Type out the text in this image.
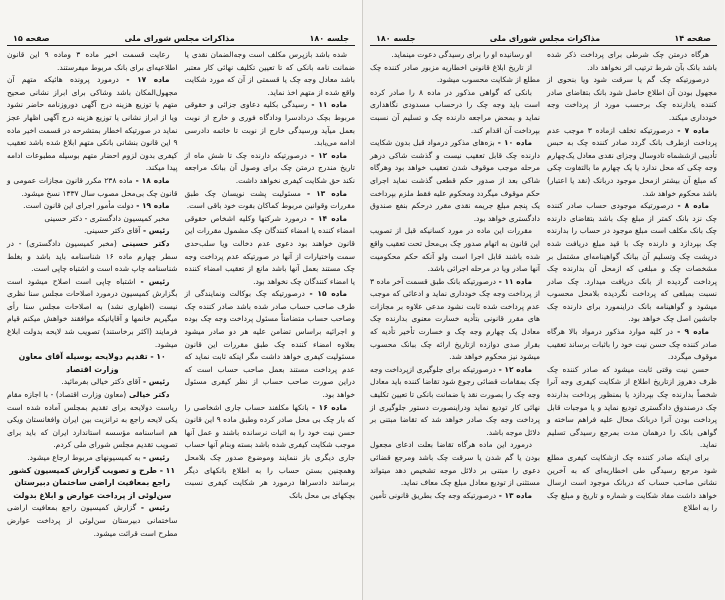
جلسه ۱۸۰
مذاکرات مجلس شورای ملی
صفحه ۱۵

شده باشد بازپرس مکلف است وجه‌الضمان نقدی یا ضمانت نامه بانکی که تا تعیین تکلیف نهائی کار معتبر باشد معادل وجه چک یا قسمتی از آن که مورد شکایت واقع شده از متهم اخذ نماید.

ماده ۱۱ - رسیدگی بکلیه دعاوی جزائی و حقوقی مربوط بچک دردادسرا ودادگاه فوری و خارج از نوبت بعمل میآید ورسیدگی خارج از نوبت تا خاتمه دادرسی ادامه می‌یابد.

ماده ۱۲ - درصورتیکه دارنده چک تا شش ماه از تاریخ مندرج درمتن چک برای وصول آن ببانک مراجعه نکند حق شکایت کیفری نخواهد داشت.

ماده ۱۳ - مسئولیت پشت نویسان چک طبق مقررات وقوانین مربوط کماکان بقوت خود باقی است.

ماده ۱۴ - درمورد شرکتها وکلیه اشخاص حقوقی امضاء کننده یا امضاء کنندگان چک مشمول مقررات این قانون خواهند بود دعوی عدم دخالت ویا سلب‌حدی سمت واختیارات از آنها در صورتیکه عدم پرداخت وجه چک مستند بعمل آنها باشد مانع از تعقیب امضاء کننده یا امضاء کنندگان چک نخواهد بود.

ماده ۱۵ - درصورتیکه چک بوکالت ونمایندگی از طرف صاحب حساب صادر شده باشد صادر کننده چک وصاحب حساب متضامناً مسئول پرداخت وجه چک بوده و اجرائیه براساس تضامن علیه هر دو صادر میشود بعلاوه امضاء کننده چک طبق مقررات این قانون مسئولیت کیفری خواهد داشت مگر اینکه ثابت نماید که عدم پرداخت مستند بعمل صاحب حساب است که دراین صورت صاحب حساب از نظر کیفری مسئول خواهد بود.

ماده ۱۶ - بانکها مکلفند حساب جاری اشخاصی را که بار چک بی محل صادر کرده وطبق ماده ۹ این قانون حسن نیت خود را به اثبات نرسانده باشند و عمل آنها موجب شکایت کیفری شده باشد بسته وبنام آنها حساب جاری دیگری باز ننمایند وموضوع صدور چک بلامحل وهمچنین بستن حساب را به اطلاع بانکهای دیگر برسانند دادسراها درمورد هر شکایت کیفری نسبت بچکهای بی محل بانک

رعایت قسمت اخیر ماده ۳ وماده ۹ این قانون اطلاعیه‌ای برای بانک مربوط میفرستند.

ماده ۱۷ - درمورد پرونده هائیکه متهم آن مجهول‌المکان باشد وشاکی برای ابراز نشانی صحیح متهم یا توزیع هزینه درج آگهی دوروزنامه حاضر نشود ویا از ابراز نشانی یا توزیع هزینه درج آگهی اظهار عجز نماید در صورتیکه اخطار بمتشرحه در قسمت اخیر ماده ۹ این قانون بنشانی بانکی متهم ابلاغ شده باشد تعقیب کیفری بدون لزوم احضار متهم بوسیله مطبوعات ادامه پیدا میکند.

ماده ۱۸ - ماده ۲۳۸ مکرر قانون مجازات عمومی و قانون چک بی‌محل مصوب سال ۱۳۳۷ نسخ میشود.

ماده ۱۹ - دولت مأمور اجرای این قانون است.

مخبر کمیسیون دادگستری - دکتر حسینی

رئیس - آقای دکتر حسینی.

دکتر حسینی (مخبر کمیسیون دادگستری) - در سطر چهارم ماده ۱۶ شناسنامه باید باشد و بغلط شناسنامه چاپ شده است و اشتباه چاپی است.

رئیس - اشتباه چاپی است اصلاح میشود است بگزارش کمیسیون درمورد اصلاحات مجلس سنا نظری نیست (اظهاری نشد) به اصلاحات مجلس سنا رأی میگیریم خانمها و آقایانیکه موافقند خواهش میکنم قیام فرمایند (اکثر برخاستند) تصویب شد لایحه بدولت ابلاغ میشود.

۱۰ - تقدیم دولایحه بوسیله آقای معاون وزارت اقتصاد

رئیس - آقای دکتر خیالی بفرمائید.

دکتر خیالی (معاون وزارت اقتصاد) - با اجازه مقام ریاست دولایحه برای تقدیم بمجلس آماده شده است یکی لایحه راجع به ترانزیت بین ایران وافغانستان ویکی هم اساسنامه مؤسسه استاندارد ایران که باید برای تصویب تقدیم مجلس شورای ملی کردم.

رئیس - به کمیسیونهای مربوط ارجاع میشود.

۱۱ - طرح و تصویب گزارش کمیسیون کشور راجع بمعافیت اراضی ساختمان دبیرستان سن‌لوئی از پرداخت عوارض و ابلاغ بدولت

رئیس - گزارش کمیسیون راجع بمعافیت اراضی ساختمانی دبیرستان سن‌لوئی از پرداخت عوارض مطرح است قرائت میشود.

صفحه ۱۴
مذاکرات مجلس شورای ملی
جلسه ۱۸۰

هرگاه درمتن چک شرطی برای پرداخت ذکر شده باشد بانک بآن شرط ترتیب اثر نخواهد داد.

درصورتیکه چک گم یا سرقت شود ویا بنحوی از مجهول بودن آن اطلاع حاصل شود بانک بتقاضای صادر کننده یادارنده چک برحسب مورد از پرداخت وجه خودداری میکند.

ماده ۷ - درصورتیکه تخلف ازماده ۳ موجب عدم پرداخت ازطرف بانک گردد صادر کننده چک به حبس تأدیبی ازششماه تادوسال وجزای نقدی معادل یک‌چهارم وجه چکی که محل ندارد یا یک چهارم ما بالتفاوت چکی که مبلغ آن بیشتر ازمحل موجود دربانک (نقد یا اعتبار) باشد محکوم خواهد شد.

ماده ۸ - درصورتیکه موجودی حساب صادر کننده چک نزد بانک کمتر از مبلغ چک باشد بتقاضای دارنده چک بانک مکلف است مبلغ موجود در حساب را بدارنده چک بپردازد و دارنده چک با قید مبلغ دریافت شده درپشت چک وتسلیم آن ببانک گواهینامه‌ای مشتمل بر مشخصات چک و مبلغی که ازمحل آن بدارنده چک پرداخت گردیده از بانک دریافت میدارد. چک صادر نسبت بمبلغی که پرداخت نگردیده بلامحل محسوب میشود و گواهینامه بانک دراینمورد برای دارنده چک جانشین اصل چک خواهد بود.

ماده ۹ - در کلیه موارد مذکور درمواد بالا هرگاه صادر کننده چک حسن نیت خود را باثبات برساند تعقیب موقوف میگردد.

حسن نیت وقتی ثابت میشود که صادر کننده چک ظرف دهروز ازتاریخ اطلاع از شکایت کیفری وجه آنرا شخصاً بدارنده چک بپردازد یا بمنظور پرداخت بدارنده چک درصندوق دادگستری تودیع نماید و یا موجبات قابل پرداخت بودن آنرا دربانک محال علیه فراهم ساخته و گواهی بانک را درهمان مدت بمرجع رسیدگی تسلیم نماید.

برای اینکه صادر کننده چک ازشکایت کیفری مطلع شود مرجع رسیدگی طی اخطاریه‌ای که به آخرین نشانی صاحب حساب که دربانک موجود است ارسال خواهد داشت مفاد شکایت و شماره و تاریخ و مبلغ چک را به اطلاع

او رسانیده او را برای رسیدگی دعوت مینماید.

از تاریخ ابلاغ قانونی اخطاریه مزبور صادر کننده چک مطلع از شکایت محسوب میشود.

بانکی که گواهی مذکور در ماده ۸ را صادر کرده است باید وجه چک را درحساب مسدودی نگاهداری نماید و بمحض مراجعه دارنده چک و تسلیم آن نسبت بپرداخت آن اقدام کند.

ماده ۱۰ - بزه‌های مذکور درمواد قبل بدون شکایت دارنده چک قابل تعقیب نیست و گذشت شاکی درهر مرحله موجب موقوف شدن تعقیب خواهد بود وهرگاه شاکی بعد از صدور حکم قطعی گذشت نماید اجرای حکم موقوف میگردد ومحکوم علیه فقط ملزم بپرداخت یک پنجم مبلغ جریمه نقدی مقرر درحکم بنفع صندوق دادگستری خواهد بود.

مقررات این ماده در مورد کسانیکه قبل از تصویب این قانون به اتهام صدور چک بی‌محل تحت تعقیب واقع شده باشند قابل اجرا است ولو آنکه حکم محکومیت آنها صادر ویا در مرحله اجرائی باشد.

ماده ۱۱ - درصورتیکه بانک طبق قسمت آخر ماده ۳ از پرداخت وجه چک خودداری نماید و ادعائی که موجب عدم پرداخت شده ثابت نشود مدعی علاوه بر مجازات های مقرر قانونی بتأدیه خسارت معنوی بدارنده چک معادل یک چهارم وجه چک و خسارت تأخیر تأدیه که بقرار صدی دوازده ازتاریخ ارائه چک ببانک محسوب میشود نیز محکوم خواهد شد.

ماده ۱۲ - درصورتیکه برای جلوگیری ازپرداخت وجه چک بمقامات قضائی رجوع شود تقاضا کننده باید معادل وجه چک را بصورت نقد یا ضمانت بانکی تا تعیین تکلیف نهائی کار تودیع نماید ودراینصورت دستور جلوگیری از پرداخت وجه چک صادر خواهد شد که تقاضا مبتنی بر دلائل موجه باشد.

درمورد این ماده هرگاه تقاضا بعلت ادعای مجعول بودن یا گم شدن یا سرقت چک باشد ومرجع قضائی دعوی را مبتنی بر دلائل موجه تشخیص دهد میتواند مستثنی از تودیع معادل مبلغ چک معاف نماید.

ماده ۱۳ - درصورتیکه وجه چک بطریق قانونی تأمین
